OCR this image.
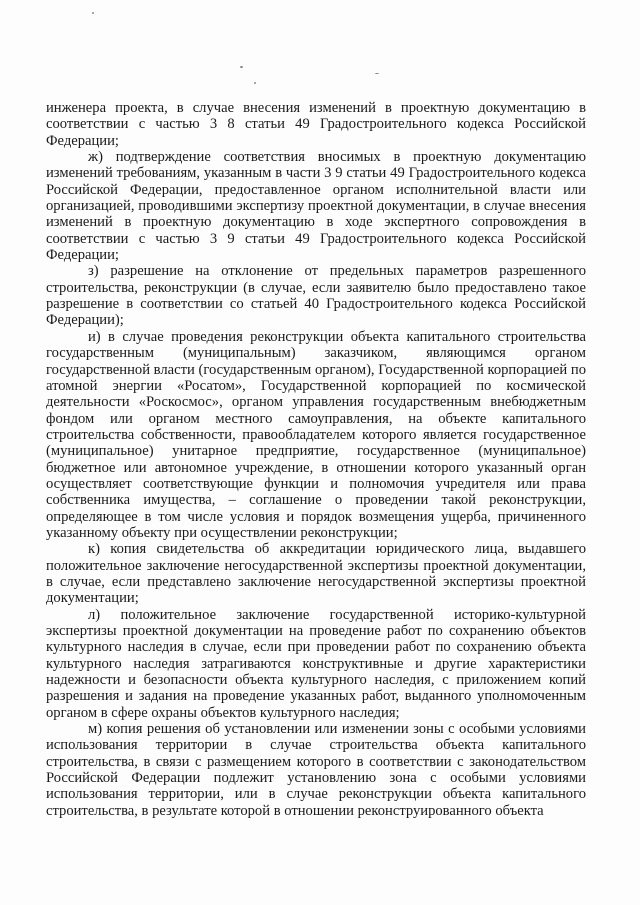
инженера проекта, в случае внесения изменений в проектную документацию в соответствии с частью 3 8 статьи 49 Градостроительного кодекса Российской Федерации;

ж) подтверждение соответствия вносимых в проектную документацию изменений требованиям, указанным в части 3 9 статьи 49 Градостроительного кодекса Российской Федерации, предоставленное органом исполнительной власти или организацией, проводившими экспертизу проектной документации, в случае внесения изменений в проектную документацию в ходе экспертного сопровождения в соответствии с частью 3 9 статьи 49 Градостроительного кодекса Российской Федерации;

з) разрешение на отклонение от предельных параметров разрешенного строительства, реконструкции (в случае, если заявителю было предоставлено такое разрешение в соответствии со статьей 40 Градостроительного кодекса Российской Федерации);

и) в случае проведения реконструкции объекта капитального строительства государственным (муниципальным) заказчиком, являющимся органом государственной власти (государственным органом), Государственной корпорацией по атомной энергии «Росатом», Государственной корпорацией по космической деятельности «Роскосмос», органом управления государственным внебюджетным фондом или органом местного самоуправления, на объекте капитального строительства собственности, правообладателем которого является государственное (муниципальное) унитарное предприятие, государственное (муниципальное) бюджетное или автономное учреждение, в отношении которого указанный орган осуществляет соответствующие функции и полномочия учредителя или права собственника имущества, – соглашение о проведении такой реконструкции, определяющее в том числе условия и порядок возмещения ущерба, причиненного указанному объекту при осуществлении реконструкции;

к) копия свидетельства об аккредитации юридического лица, выдавшего положительное заключение негосударственной экспертизы проектной документации, в случае, если представлено заключение негосударственной экспертизы проектной документации;

л) положительное заключение государственной историко-культурной экспертизы проектной документации на проведение работ по сохранению объектов культурного наследия в случае, если при проведении работ по сохранению объекта культурного наследия затрагиваются конструктивные и другие характеристики надежности и безопасности объекта культурного наследия, с приложением копий разрешения и задания на проведение указанных работ, выданного уполномоченным органом в сфере охраны объектов культурного наследия;

м) копия решения об установлении или изменении зоны с особыми условиями использования территории в случае строительства объекта капитального строительства, в связи с размещением которого в соответствии с законодательством Российской Федерации подлежит установлению зона с особыми условиями использования территории, или в случае реконструкции объекта капитального строительства, в результате которой в отношении реконструированного объекта
